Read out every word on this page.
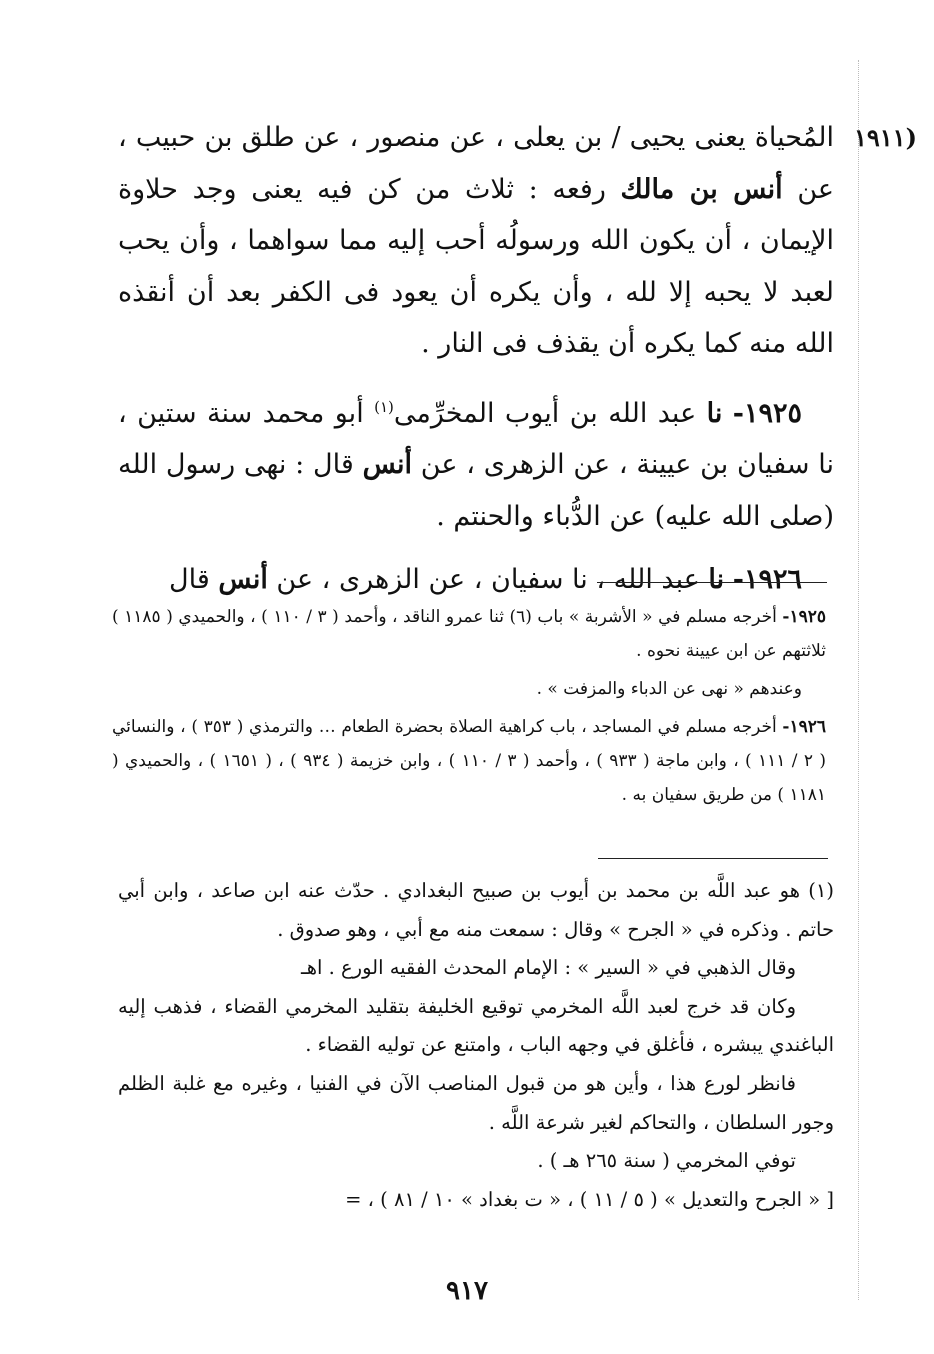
(١٩١١
المُحياة يعنى يحيى / بن يعلى ، عن منصور ، عن طلق بن حبيب ، عن أنس بن مالك رفعه : ثلاث من كن فيه يعنى وجد حلاوة الإيمان ، أن يكون الله ورسولُه أحب إليه مما سواهما ، وأن يحب لعبد لا يحبه إلا لله ، وأن يكره أن يعود فى الكفر بعد أن أنقذه الله منه كما يكره أن يقذف فى النار .

١٩٢٥- نا عبد الله بن أيوب المخرِّمى$^{(١)}$ أبو محمد سنة ستين ، نا سفيان بن عيينة ، عن الزهرى ، عن أنس قال : نهى رسول الله (صلى الله عليه) عن الدُّباء والحنتم .

١٩٢٦- نا عبد الله ، نا سفيان ، عن الزهرى ، عن أنس قال

١٩٢٥- أخرجه مسلم في « الأشربة » باب (٦) ثنا عمرو الناقد ، وأحمد ( ٣ / ١١٠ ) ، والحميدي ( ١١٨٥ ) ثلاثتهم عن ابن عيينة نحوه .

وعندهم « نهى عن الدباء والمزفت » .

١٩٢٦- أخرجه مسلم في المساجد ، باب كراهية الصلاة بحضرة الطعام … والترمذي ( ٣٥٣ ) ، والنسائي ( ٢ / ١١١ ) ، وابن ماجة ( ٩٣٣ ) ، وأحمد ( ٣ / ١١٠ ) ، وابن خزيمة ( ٩٣٤ ) ، ( ١٦٥١ ) ، والحميدي ( ١١٨١ ) من طريق سفيان به .

(١) هو عبد اللَّه بن محمد بن أيوب بن صبيح البغدادي . حدّث عنه ابن صاعد ، وابن أبي حاتم . وذكره في « الجرح » وقال : سمعت منه مع أبي ، وهو صدوق .

وقال الذهبي في « السير » : الإمام المحدث الفقيه الورع . اهـ

وكان قد خرج لعبد اللَّه المخرمي توقيع الخليفة بتقليد المخرمي القضاء ، فذهب إليه الباغندي يبشره ، فأغلق في وجهه الباب ، وامتنع عن توليه القضاء .

فانظر لورع هذا ، وأين هو من قبول المناصب الآن في الفنيا ، وغيره مع غلبة الظلم وجور السلطان ، والتحاكم لغير شرعة اللَّه .

توفي المخرمي ( سنة ٢٦٥ هـ ) .

[ « الجرح والتعديل » ( ٥ / ١١ ) ، « ت بغداد » ١٠ / ٨١ ) ، =

٩١٧
